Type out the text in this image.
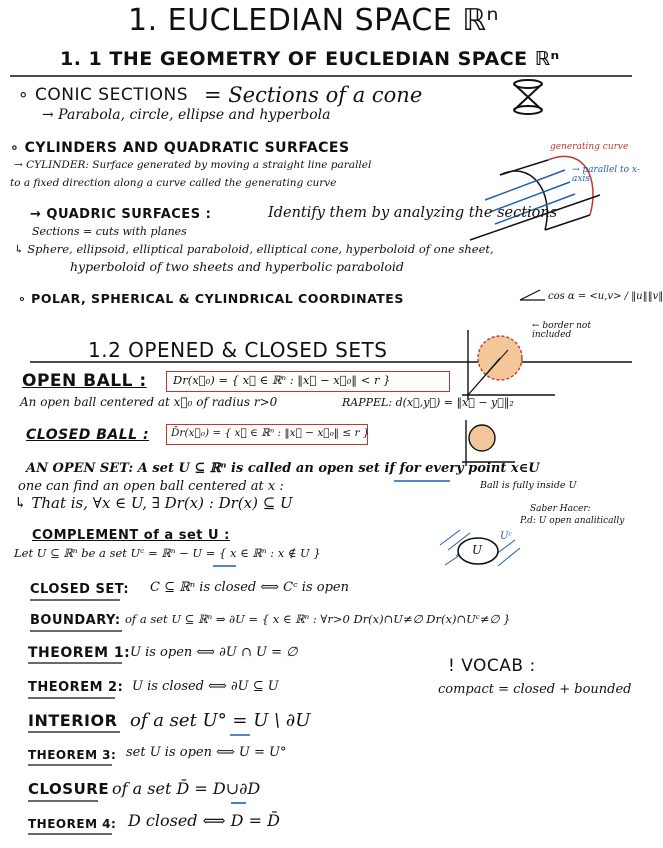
1. EUCLEDIAN SPACE ℝⁿ
1. 1 THE GEOMETRY OF EUCLEDIAN SPACE ℝⁿ
∘ CONIC SECTIONS = Sections of a cone
→ Parabola, circle, ellipse and hyperbola
∘ CYLINDERS AND QUADRATIC SURFACES
→ CYLINDER: Surface generated by moving a straight line parallel
to a fixed direction along a curve called the generating curve
generating curve
→ parallel to x-axis
→ QUADRIC SURFACES :	Identify them by analyzing the sections
Sections = cuts with planes
↳ Sphere, ellipsoid, elliptical paraboloid, elliptical cone, hyperboloid of one sheet,
hyperboloid of two sheets and hyperbolic paraboloid
∘ POLAR, SPHERICAL & CYLINDRICAL COORDINATES	cos α = <u,v> / ‖u‖‖v‖
1.2 OPENED & CLOSED SETS
← border not included
OPEN BALL : Dr(x⃗₀) = { x⃗ ∈ ℝⁿ : ‖x⃗ − x⃗₀‖ < r }
An open ball centered at x⃗₀ of radius r>0	RAPPEL: d(x⃗,y⃗) = ‖x⃗ − y⃗‖₂
CLOSED BALL : D̄r(x⃗₀) = { x⃗ ∈ ℝⁿ : ‖x⃗ − x⃗₀‖ ≤ r }
AN OPEN SET: A set U ⊆ ℝⁿ is called an open set if for every point x∈U
one can find an open ball centered at x :	Ball is fully inside U
↳ That is, ∀x ∈ U, ∃ Dr(x) : Dr(x) ⊆ U	Saber Hacer:
P.d: U open analitically
COMPLEMENT of a set U :
Let U ⊆ ℝⁿ be a set Uᶜ = ℝⁿ − U = { x ∈ ℝⁿ : x ∉ U }	U
Uᶜ
CLOSED SET: C ⊆ ℝⁿ is closed ⟺ Cᶜ is open
BOUNDARY: of a set U ⊆ ℝⁿ ⇒ ∂U = { x ∈ ℝⁿ : ∀r>0 Dr(x)∩U≠∅ Dr(x)∩Uᶜ≠∅ }
THEOREM 1: U is open ⟺ ∂U ∩ U = ∅
THEOREM 2: U is closed ⟺ ∂U ⊆ U
INTERIOR of a set U° = U \ ∂U
THEOREM 3: set U is open ⟺ U = U°
CLOSURE of a set D̄ = D∪∂D
THEOREM 4: D closed ⟺ D = D̄
! VOCAB :
compact = closed + bounded
